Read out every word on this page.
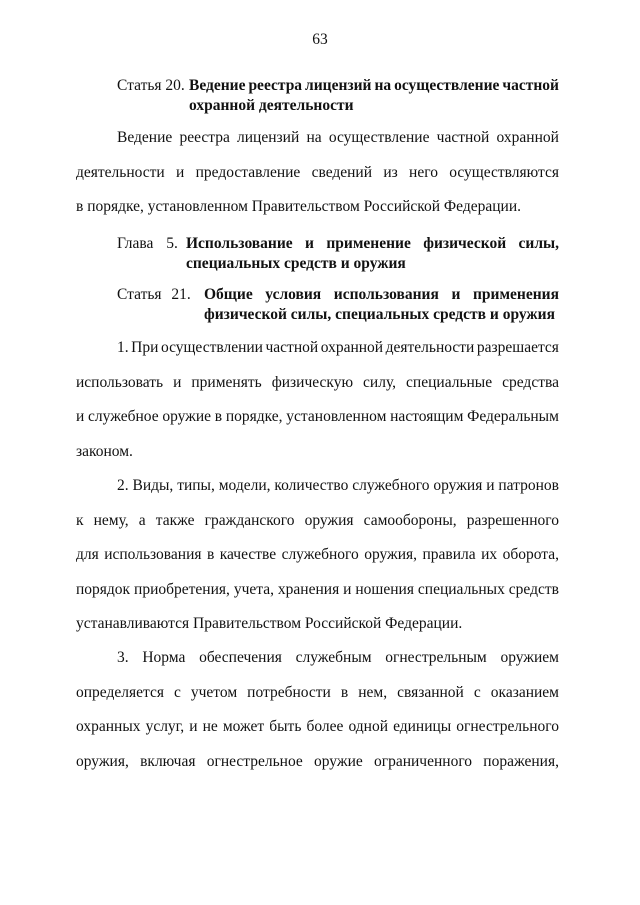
63
Статья 20. Ведение реестра лицензий на осуществление частной
охранной деятельности
Ведение реестра лицензий на осуществление частной охранной
деятельности и предоставление сведений из него осуществляются
в порядке, установленном Правительством Российской Федерации.
Глава 5. Использование и применение физической силы,
специальных средств и оружия
Статья 21. Общие условия использования и применения
физической силы, специальных средств и оружия
1. При осуществлении частной охранной деятельности разрешается
использовать и применять физическую силу, специальные средства
и служебное оружие в порядке, установленном настоящим Федеральным
законом.
2. Виды, типы, модели, количество служебного оружия и патронов
к нему, а также гражданского оружия самообороны, разрешенного
для использования в качестве служебного оружия, правила их оборота,
порядок приобретения, учета, хранения и ношения специальных средств
устанавливаются Правительством Российской Федерации.
3. Норма обеспечения служебным огнестрельным оружием
определяется с учетом потребности в нем, связанной с оказанием
охранных услуг, и не может быть более одной единицы огнестрельного
оружия, включая огнестрельное оружие ограниченного поражения,
